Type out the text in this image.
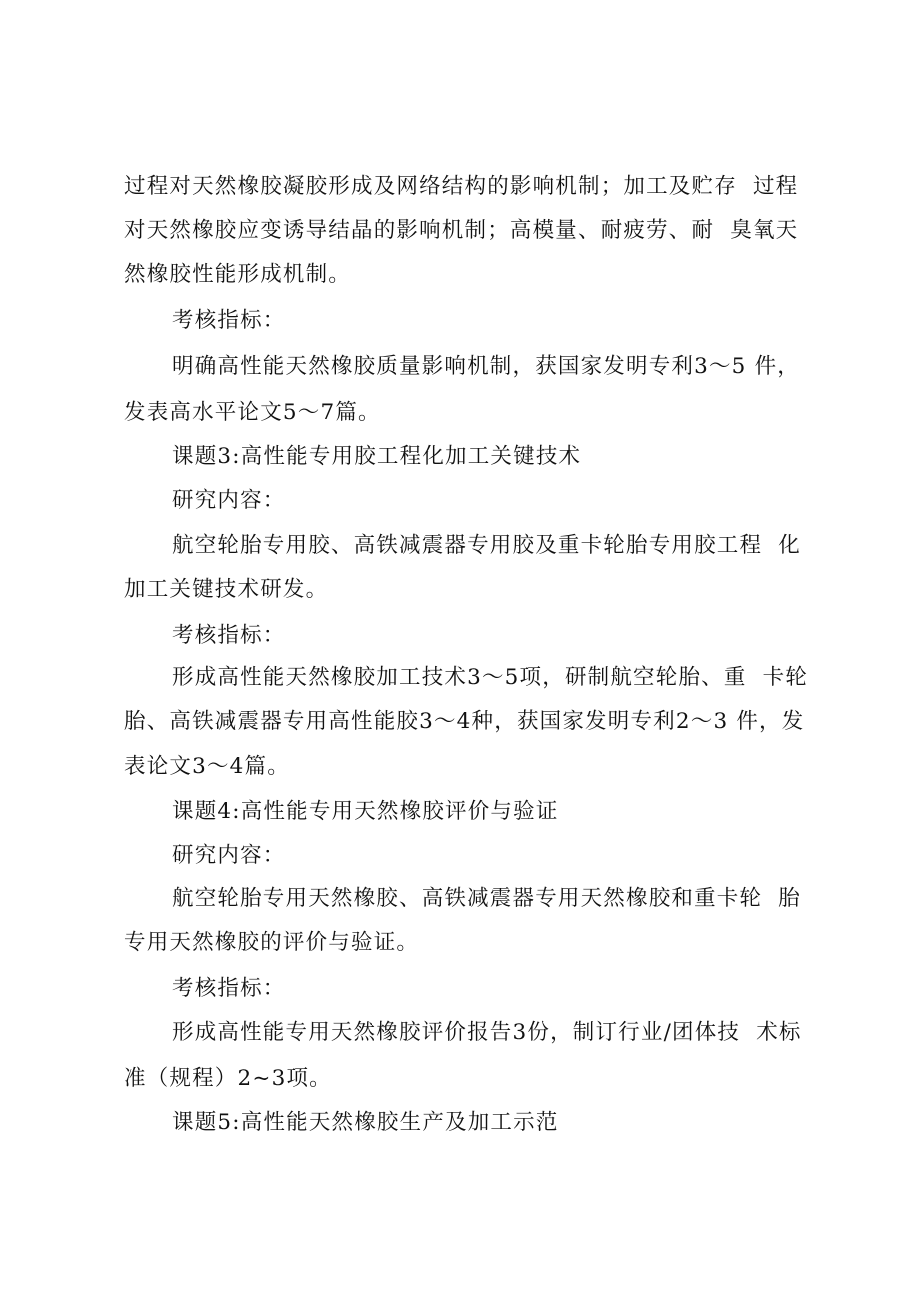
过程对天然橡胶凝胶形成及网络结构的影响机制；加工及贮存  过程
对天然橡胶应变诱导结晶的影响机制；高模量、耐疲劳、耐  臭氧天
然橡胶性能形成机制。
考核指标：
明确高性能天然橡胶质量影响机制，获国家发明专利3～5 件，
发表高水平论文5～7篇。
课题3:高性能专用胶工程化加工关键技术
研究内容：
航空轮胎专用胶、高铁减震器专用胶及重卡轮胎专用胶工程  化
加工关键技术研发。
考核指标：
形成高性能天然橡胶加工技术3～5项，研制航空轮胎、重  卡轮
胎、高铁减震器专用高性能胶3～4种，获国家发明专利2～3 件，发
表论文3～4篇。
课题4:高性能专用天然橡胶评价与验证
研究内容：
航空轮胎专用天然橡胶、高铁减震器专用天然橡胶和重卡轮  胎
专用天然橡胶的评价与验证。
考核指标：
形成高性能专用天然橡胶评价报告3份，制订行业/团体技  术标
准（规程）2~3项。
课题5:高性能天然橡胶生产及加工示范
